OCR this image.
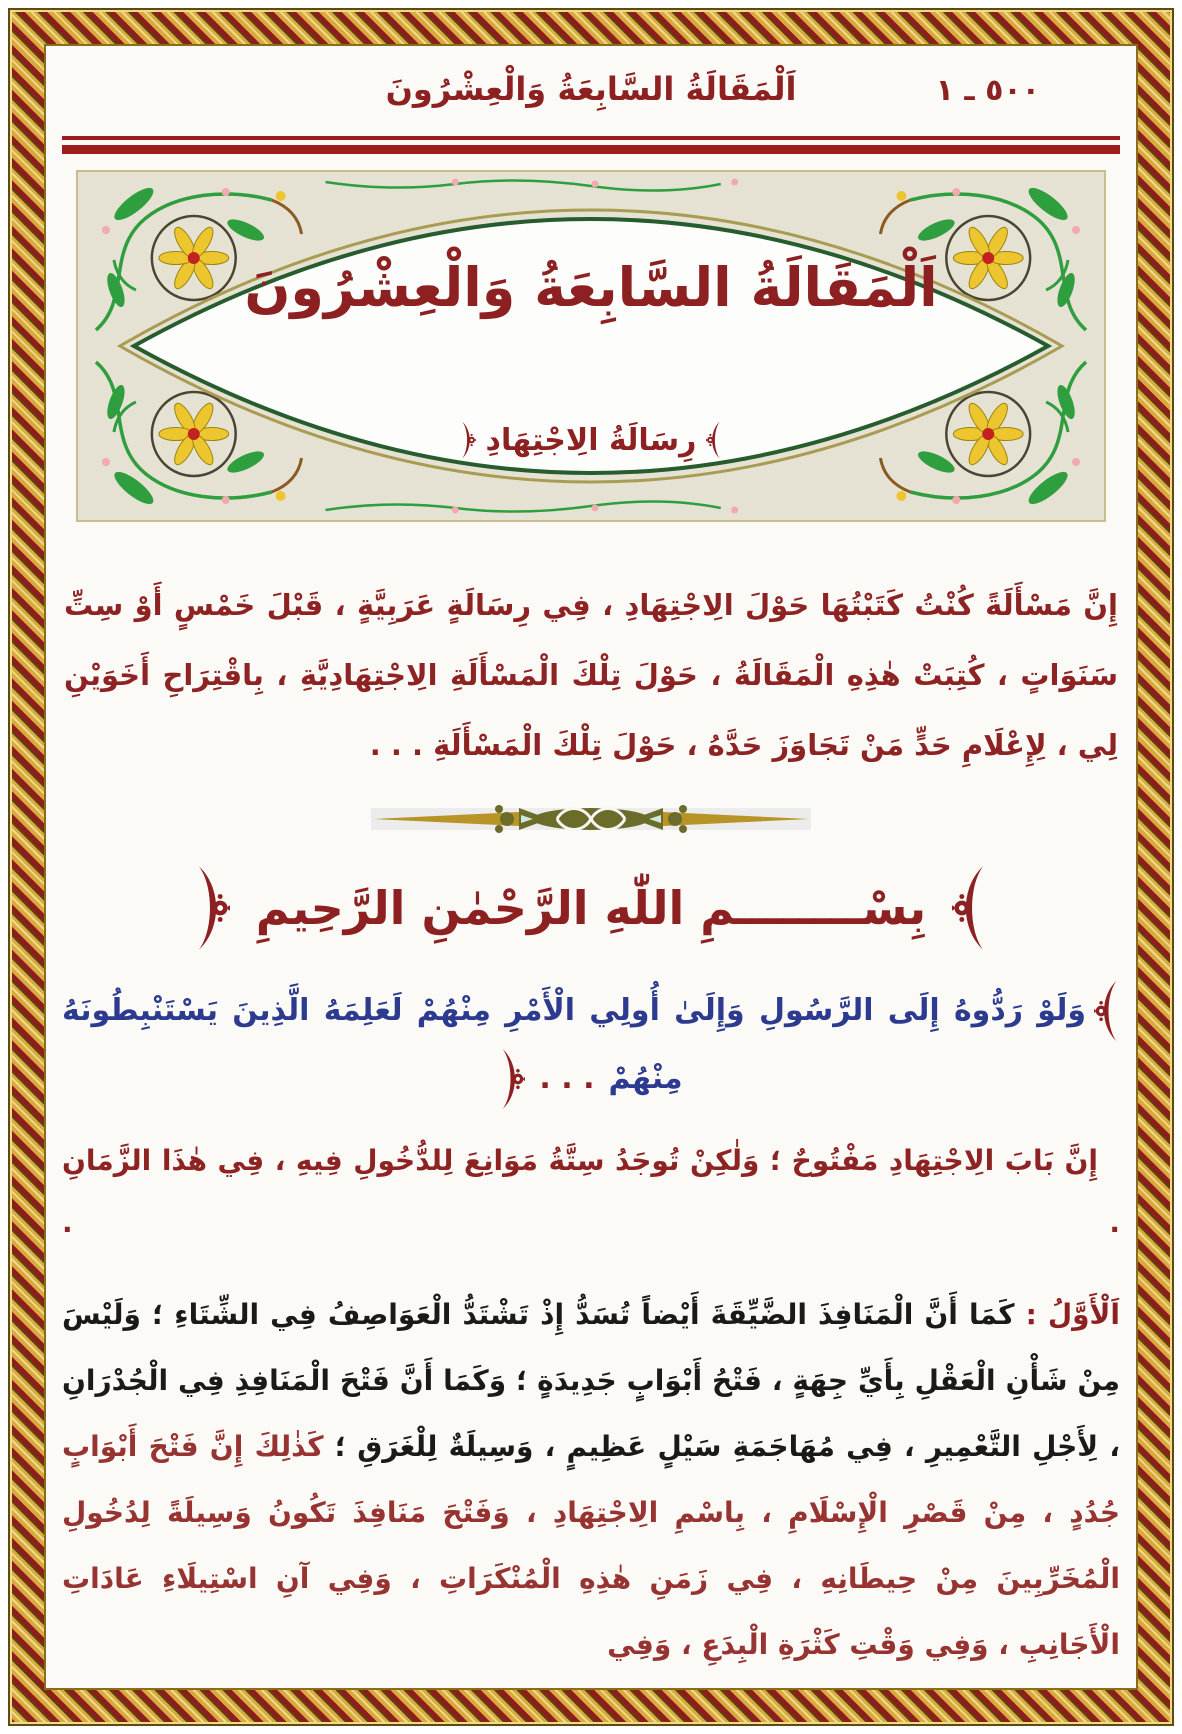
اَلْمَقَالَةُ السَّابِعَةُ وَالْعِشْرُونَ	٥٠٠ ـ ١
اَلْمَقَالَةُ السَّابِعَةُ وَالْعِشْرُونَ
رِسَالَةُ الِاجْتِهَادِ

إِنَّ مَسْأَلَةً كُنْتُ كَتَبْتُهَا حَوْلَ الِاجْتِهَادِ ، فِي رِسَالَةٍ عَرَبِيَّةٍ ، قَبْلَ خَمْسٍ أَوْ سِتِّ سَنَوَاتٍ ، كُتِبَتْ هٰذِهِ الْمَقَالَةُ ، حَوْلَ تِلْكَ الْمَسْأَلَةِ الِاجْتِهَادِيَّةِ ، بِاقْتِرَاحِ أَخَوَيْنِ لِي ، لِإِعْلَامِ حَدٍّ مَنْ تَجَاوَزَ حَدَّهُ ، حَوْلَ تِلْكَ الْمَسْأَلَةِ . . .

بِسْــــــــمِ اللّٰهِ الرَّحْمٰنِ الرَّحِيمِ
وَلَوْ رَدُّوهُ إِلَى الرَّسُولِ وَإِلَىٰ أُولِي الْأَمْرِ مِنْهُمْ لَعَلِمَهُ الَّذِينَ يَسْتَنْبِطُونَهُ
مِنْهُمْ
. . .

إِنَّ بَابَ الِاجْتِهَادِ مَفْتُوحٌ ؛ وَلٰكِنْ تُوجَدُ سِتَّةُ مَوَانِعَ لِلدُّخُولِ فِيهِ ، فِي هٰذَا الزَّمَانِ . .

اَلْأَوَّلُ : كَمَا أَنَّ الْمَنَافِذَ الضَّيِّقَةَ أَيْضاً تُسَدُّ إِذْ تَشْتَدُّ الْعَوَاصِفُ فِي الشِّتَاءِ ؛ وَلَيْسَ مِنْ شَأْنِ الْعَقْلِ بِأَيِّ جِهَةٍ ، فَتْحُ أَبْوَابٍ جَدِيدَةٍ ؛ وَكَمَا أَنَّ فَتْحَ الْمَنَافِذِ فِي الْجُدْرَانِ ، لِأَجْلِ التَّعْمِيرِ ، فِي مُهَاجَمَةِ سَيْلٍ عَظِيمٍ ، وَسِيلَةٌ لِلْغَرَقِ ؛ كَذٰلِكَ إِنَّ فَتْحَ أَبْوَابٍ جُدُدٍ ، مِنْ قَصْرِ الْإِسْلَامِ ، بِاسْمِ الِاجْتِهَادِ ، وَفَتْحَ مَنَافِذَ تَكُونُ وَسِيلَةً لِدُخُولِ الْمُخَرِّبِينَ مِنْ حِيطَانِهِ ، فِي زَمَنِ هٰذِهِ الْمُنْكَرَاتِ ، وَفِي آنِ اسْتِيلَاءِ عَادَاتِ الْأَجَانِبِ ، وَفِي وَقْتِ كَثْرَةِ الْبِدَعِ ، وَفِي
